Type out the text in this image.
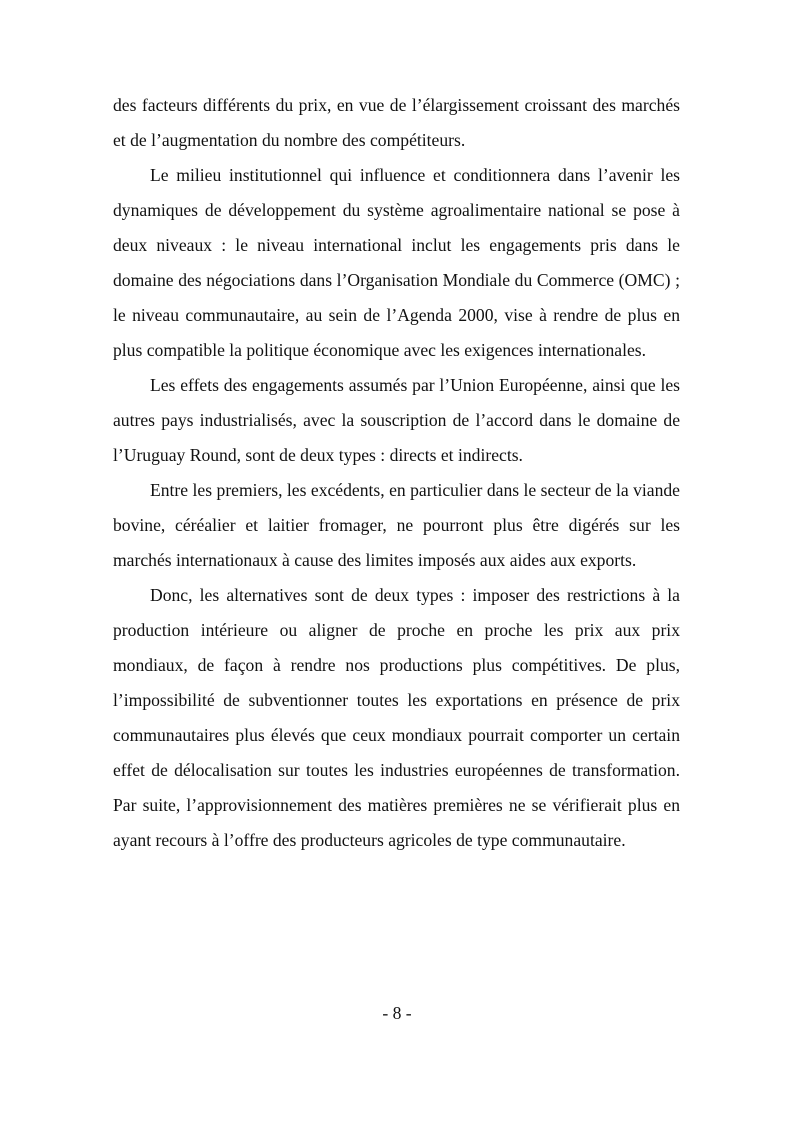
des facteurs différents du prix, en vue de l’élargissement croissant des marchés et de l’augmentation du nombre des compétiteurs.

Le milieu institutionnel qui influence et conditionnera dans l’avenir les dynamiques de développement du système agroalimentaire national se pose à deux niveaux : le niveau international inclut les engagements pris dans le domaine des négociations dans l’Organisation Mondiale du Commerce (OMC) ; le niveau communautaire, au sein de l’Agenda 2000, vise à rendre de plus en plus compatible la politique économique avec les exigences internationales.

Les effets des engagements assumés par l’Union Européenne, ainsi que les autres pays industrialisés, avec la souscription de l’accord dans le domaine de l’Uruguay Round, sont de deux types : directs et indirects.

Entre les premiers, les excédents, en particulier dans le secteur de la viande bovine, céréalier et laitier fromager, ne pourront plus être digérés sur les marchés internationaux à cause des limites imposés aux aides aux exports.

Donc, les alternatives sont de deux types : imposer des restrictions à la production intérieure ou aligner de proche en proche les prix aux prix mondiaux, de façon à rendre nos productions plus compétitives. De plus, l’impossibilité de subventionner toutes les exportations en présence de prix communautaires plus élevés que ceux mondiaux pourrait comporter un certain effet de délocalisation sur toutes les industries européennes de transformation. Par suite, l’approvisionnement des matières premières ne se vérifierait plus en ayant recours à l’offre des producteurs agricoles de type communautaire.

- 8 -
